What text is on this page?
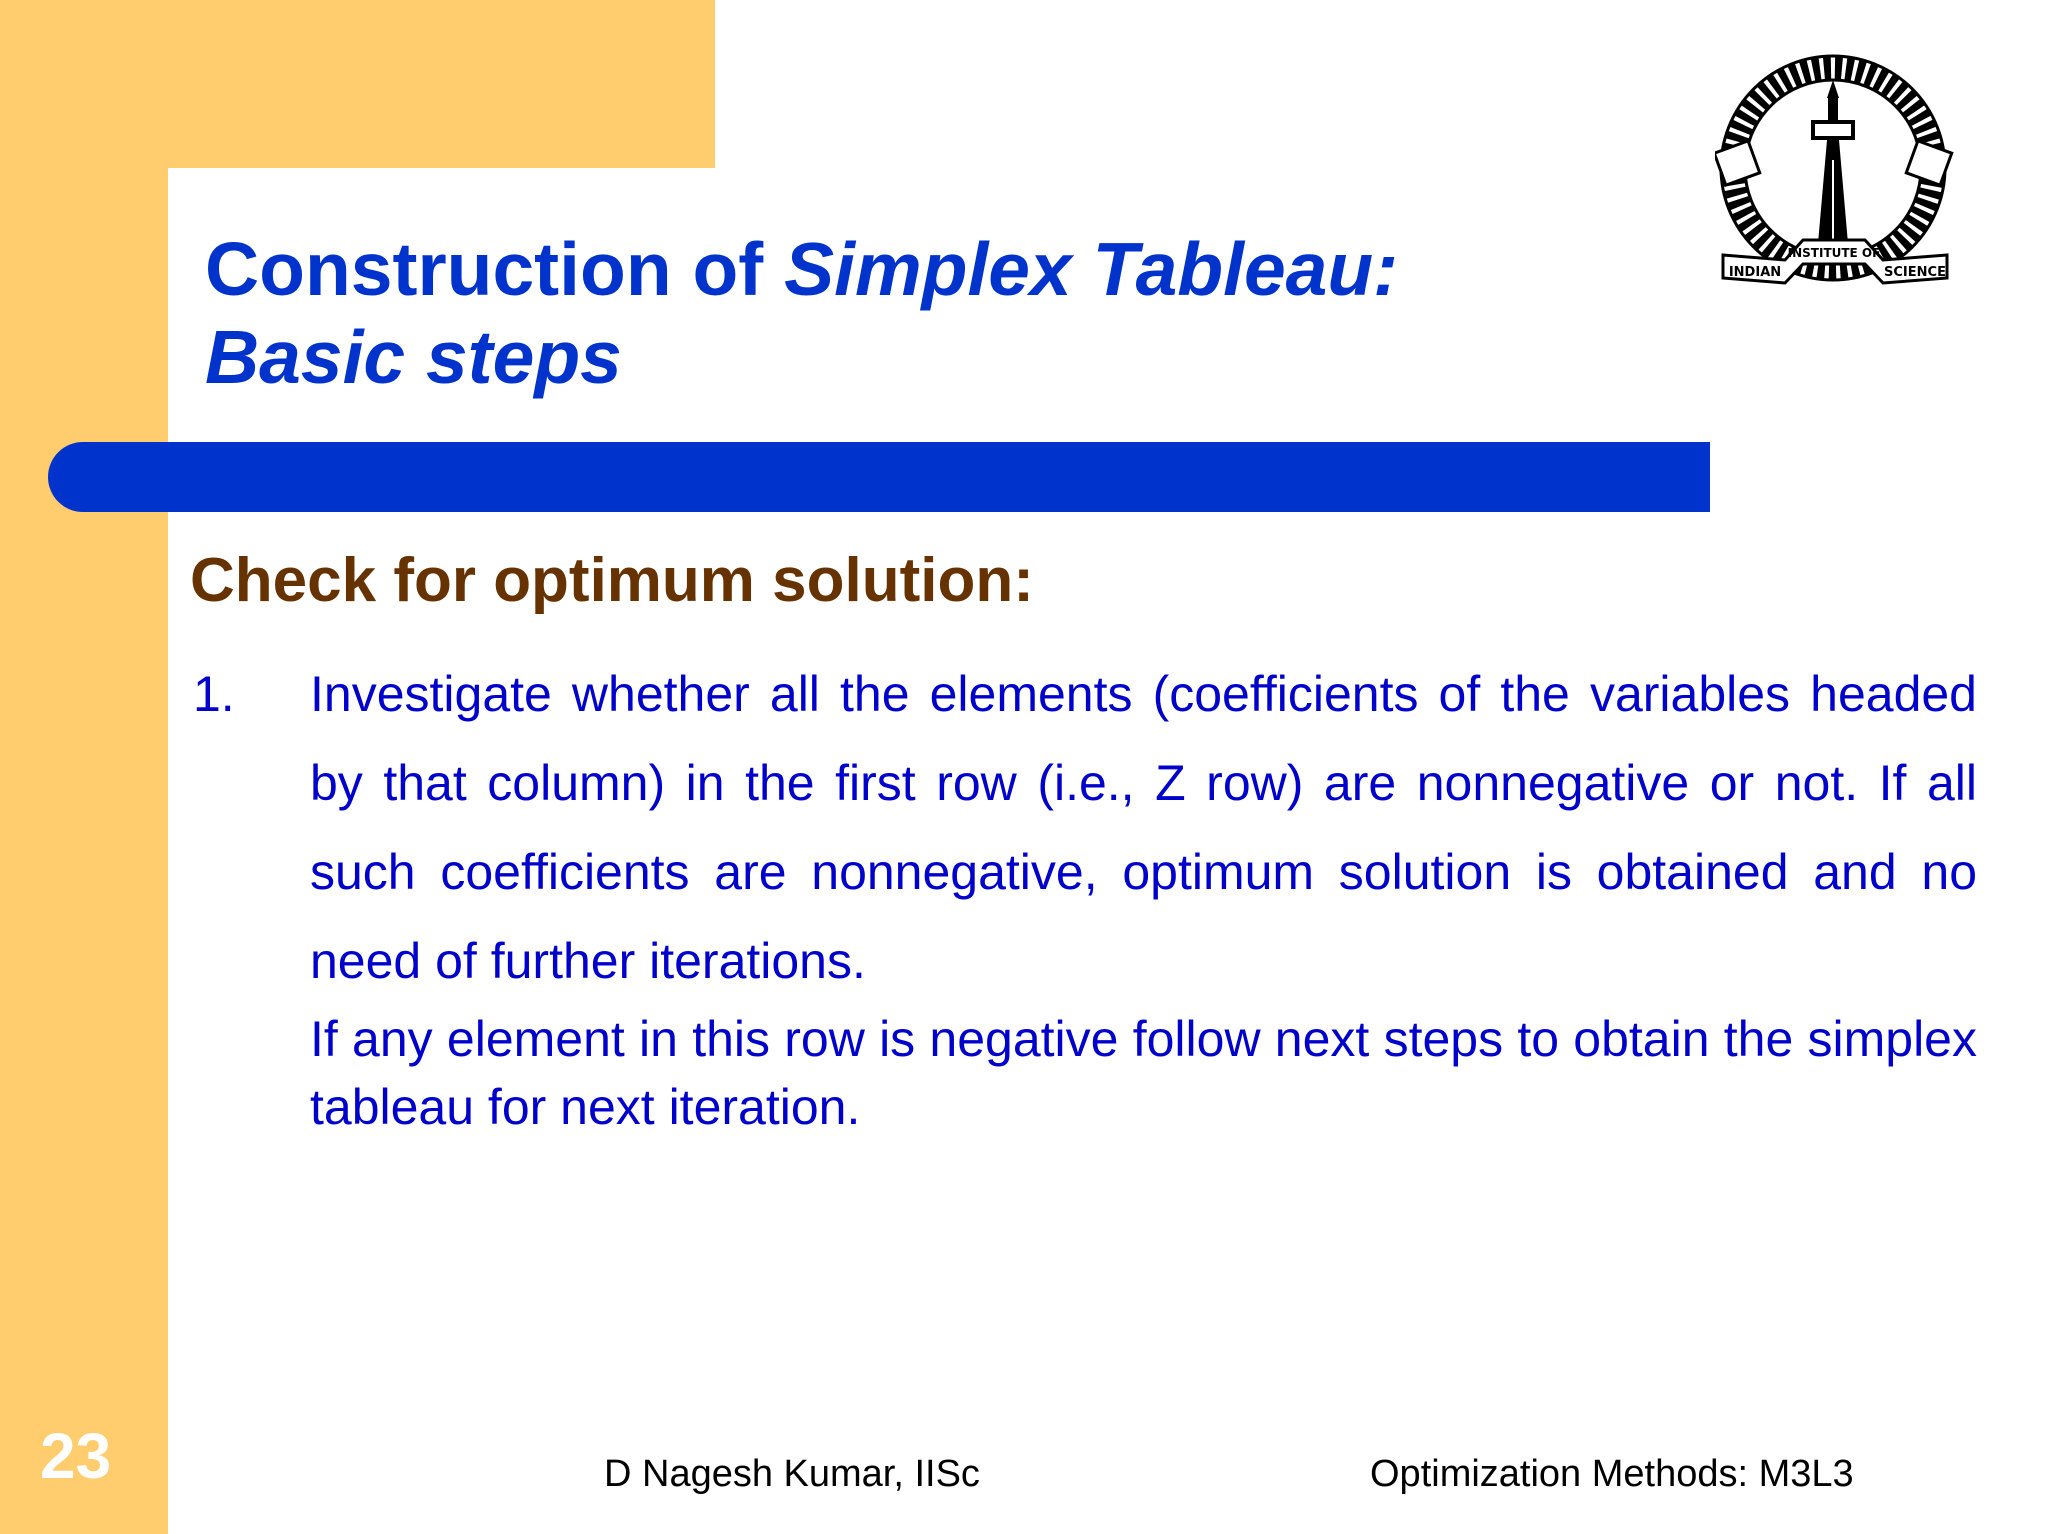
Construction of Simplex Tableau:
Basic steps
INDIAN
INSTITUTE OF
SCIENCE
Check for optimum solution:
1. Investigate whether all the elements (coefficients of the variables headed by that column) in the first row (i.e., Z row) are nonnegative or not. If all such coefficients are nonnegative, optimum solution is obtained and no need of further iterations.

If any element in this row is negative follow next steps to obtain the simplex tableau for next iteration.

23	D Nagesh Kumar, IISc	Optimization Methods: M3L3
